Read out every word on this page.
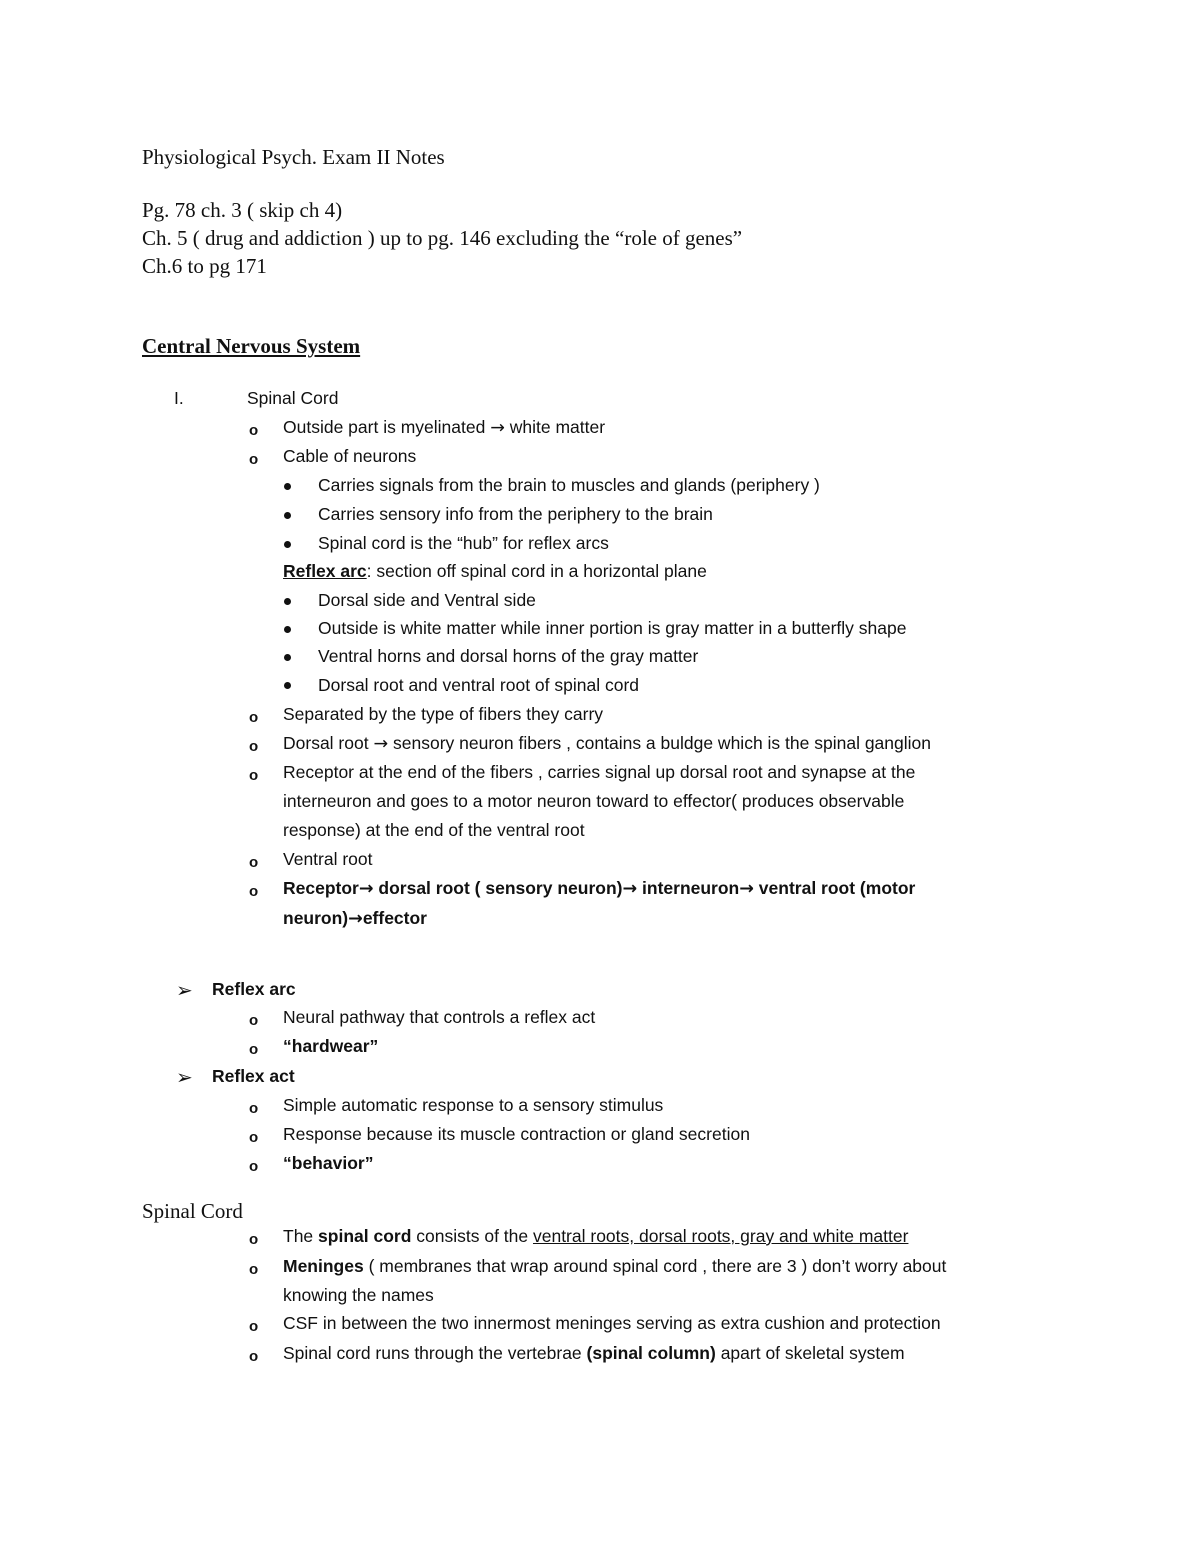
Physiological Psych. Exam II Notes
Pg. 78 ch. 3 ( skip ch 4)
Ch. 5 ( drug and addiction ) up to pg. 146 excluding the “role of genes”
Ch.6 to pg 171
Central Nervous System
I.	Spinal Cord
o Outside part is myelinated → white matter
o Cable of neurons
Carries signals from the brain to muscles and glands (periphery )
Carries sensory info from the periphery to the brain
Spinal cord is the “hub” for reflex arcs
Reflex arc: section off spinal cord in a horizontal plane
Dorsal side and Ventral side
Outside is white matter while inner portion is gray matter in a butterfly shape
Ventral horns and dorsal horns of the gray matter
Dorsal root and ventral root of spinal cord
o Separated by the type of fibers they carry
o Dorsal root → sensory neuron fibers , contains a buldge which is the spinal ganglion
o Receptor at the end of the fibers , carries signal up dorsal root and synapse at the
interneuron and goes to a motor neuron toward to effector( produces observable
response) at the end of the ventral root
o Ventral root
o Receptor→ dorsal root ( sensory neuron)→ interneuron→ ventral root (motor
neuron)→effector
➢ Reflex arc
o Neural pathway that controls a reflex act
o “hardwear”
➢ Reflex act
o Simple automatic response to a sensory stimulus
o Response because its muscle contraction or gland secretion
o “behavior”
Spinal Cord
o The spinal cord consists of the ventral roots, dorsal roots, gray and white matter
o Meninges ( membranes that wrap around spinal cord , there are 3 ) don’t worry about
knowing the names
o CSF in between the two innermost meninges serving as extra cushion and protection
o Spinal cord runs through the vertebrae (spinal column) apart of skeletal system
